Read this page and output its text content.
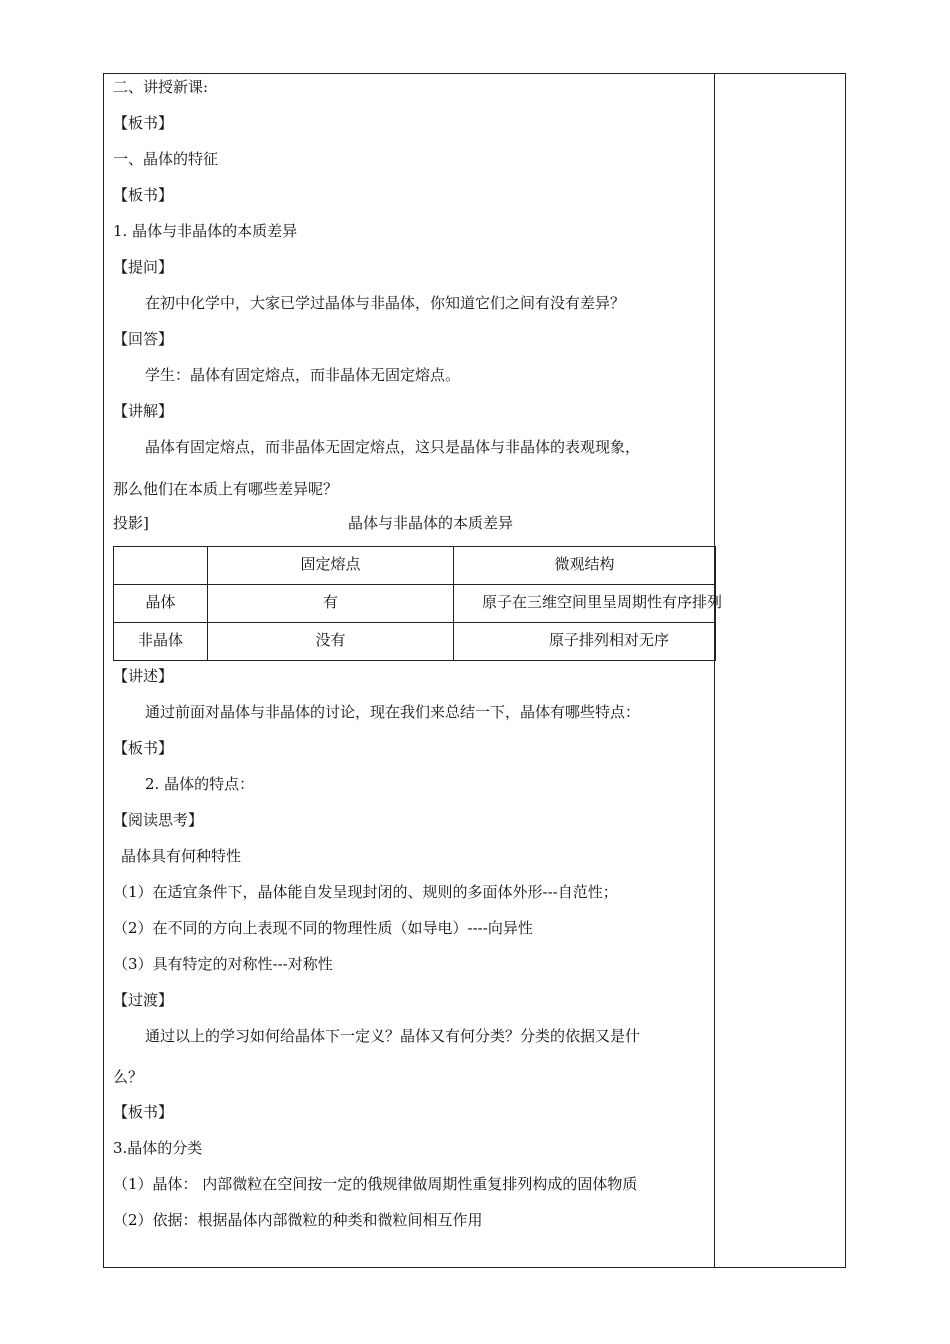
二、讲授新课:
【板书】
一、晶体的特征
【板书】
1. 晶体与非晶体的本质差异
【提问】
在初中化学中，大家已学过晶体与非晶体，你知道它们之间有没有差异？
【回答】
学生：晶体有固定熔点，而非晶体无固定熔点。
【讲解】
晶体有固定熔点，而非晶体无固定熔点，这只是晶体与非晶体的表观现象，
那么他们在本质上有哪些差异呢？
投影]	晶体与非晶体的本质差异
	固定熔点	微观结构
晶体	有	原子在三维空间里呈周期性有序排列
非晶体	没有	原子排列相对无序
【讲述】
通过前面对晶体与非晶体的讨论，现在我们来总结一下，晶体有哪些特点：
【板书】
2. 晶体的特点：
【阅读思考】
晶体具有何种特性
（1）在适宜条件下，晶体能自发呈现封闭的、规则的多面体外形---自范性；
（2）在不同的方向上表现不同的物理性质（如导电）----向异性
（3）具有特定的对称性---对称性
【过渡】
通过以上的学习如何给晶体下一定义？晶体又有何分类？分类的依据又是什
么？
【板书】
3.晶体的分类
（1）晶体： 内部微粒在空间按一定的俄规律做周期性重复排列构成的固体物质
（2）依据：根据晶体内部微粒的种类和微粒间相互作用
